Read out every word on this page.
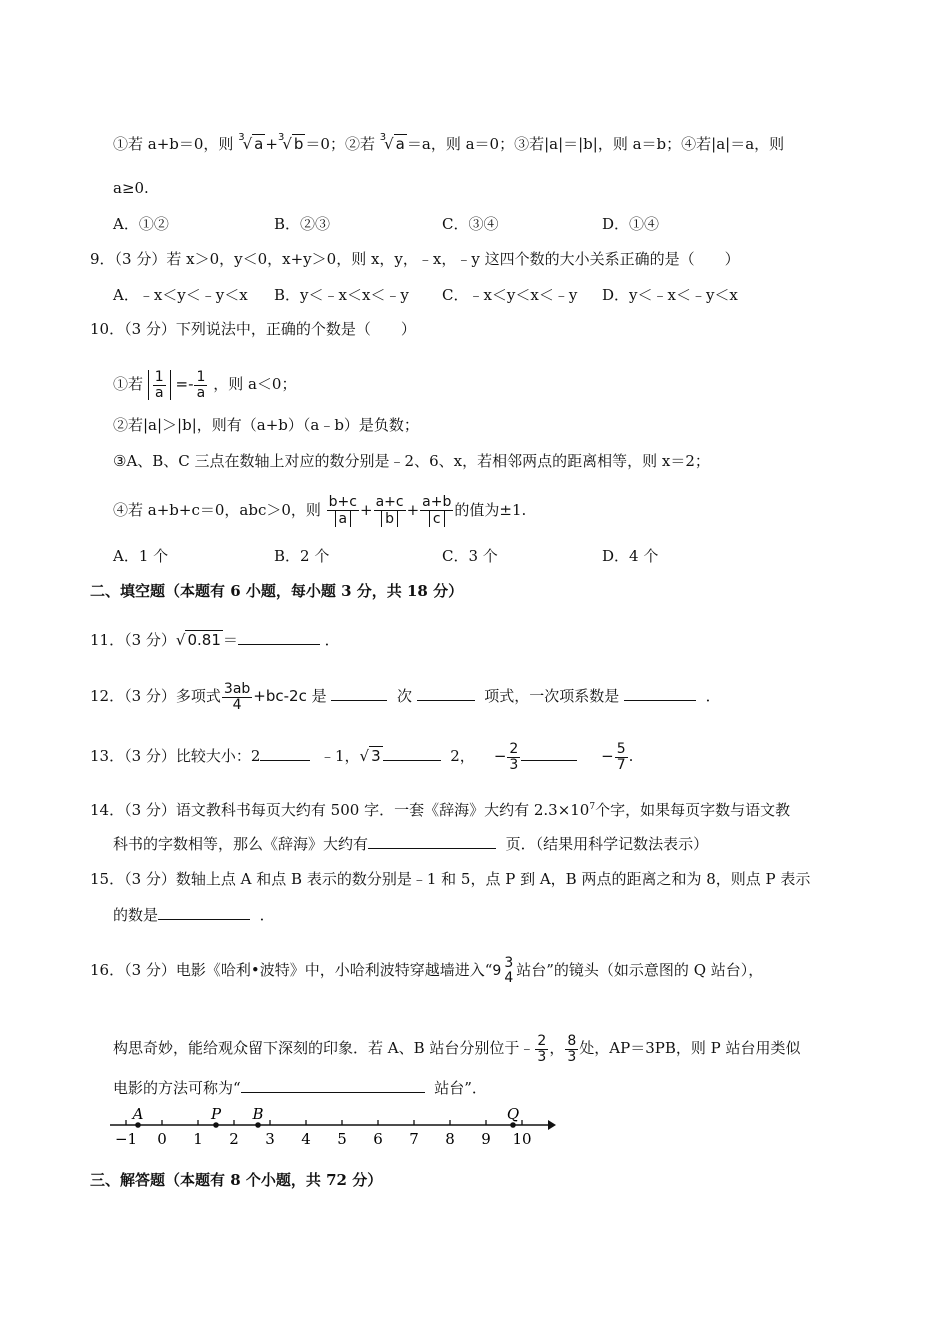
①若 a+b＝0，则 $^3$√ a +$^3$√ b ＝0；②若 $^3$√ a ＝a，则 a＝0；③若|a|＝|b|，则 a＝b；④若|a|＝a，则
a≥0.
A．①②	B．②③	C．③④	D．①④
9．（3 分）若 x＞0，y＜0，x+y＞0，则 x，y，﹣x，﹣y 这四个数的大小关系正确的是（　　）
A．﹣x＜y＜﹣y＜x B．y＜﹣x＜x＜﹣y C．﹣x＜y＜x＜﹣y D．y＜﹣x＜﹣y＜x
10．（3 分）下列说法中，正确的个数是（　　）
①若 $\frac{1}{a} =- \frac{1}{a}$ ，则 a＜0；
②若|a|＞|b|，则有（a+b）（a﹣b）是负数；
③A、B、C 三点在数轴上对应的数分别是﹣2、6、x，若相邻两点的距离相等，则 x＝2；
④若 a+b+c＝0，abc＞0，则 $\frac{b+c}{a} + \frac{a+c}{b} + \frac{a+b}{c}$ 的值为±1.
A．1 个	B．2 个	C．3 个	D．4 个
二、填空题（本题有 6 小题，每小题 3 分，共 18 分）
11．（3 分）√ 0.81 ＝	．
12．（3 分）多项式 $\frac{3ab}{4} +bc-2c$ 是	次	项式，一次项系数是	．
13．（3 分）比较大小：2	﹣1，√ 3	2， − $\frac{2}{3}$	− $\frac{5}{7}$ .
14．（3 分）语文教科书每页大约有 500 字．一套《辞海》大约有 $2.3\times 10^7$个字，如果每页字数与语文教
科书的字数相等，那么《辞海》大约有	页．（结果用科学记数法表示）
15．（3 分）数轴上点 A 和点 B 表示的数分别是﹣1 和 5，点 P 到 A，B 两点的距离之和为 8，则点 P 表示
的数是	．
16．（3 分）电影《哈利•波特》中，小哈利波特穿越墙进入“9 3
4 站台”的镜头（如示意图的 Q 站台），
构思奇妙，能给观众留下深刻的印象．若 A、B 站台分别位于﹣ $\frac{2}{3}$ ， $\frac{8}{3}$ 处，AP＝3PB，则 P 站台用类似
电影的方法可称为“	站台”．
−1 0 1 2 3 4 5 6 7 8 9 10
A	P B	Q
三、解答题（本题有 8 个小题，共 72 分）
